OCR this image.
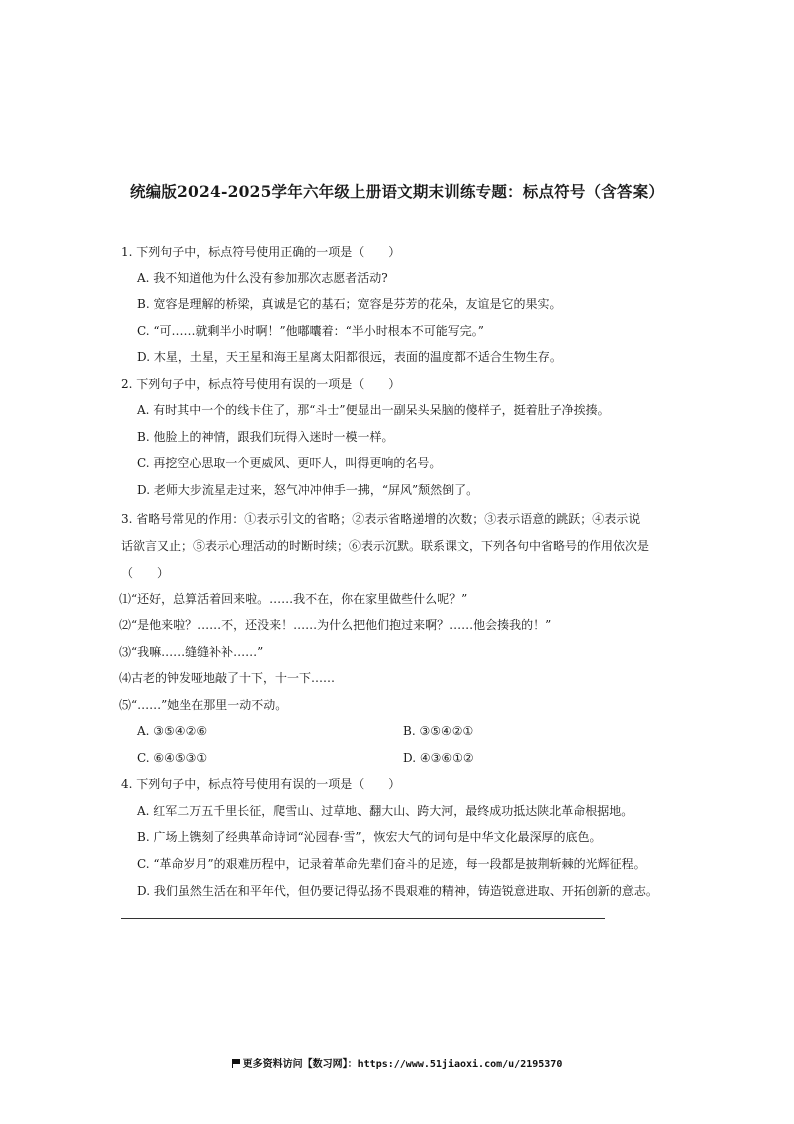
统编版2024-2025学年六年级上册语文期末训练专题：标点符号（含答案）
1. 下列句子中，标点符号使用正确的一项是（　　）
A. 我不知道他为什么没有参加那次志愿者活动?
B. 宽容是理解的桥梁，真诚是它的基石；宽容是芬芳的花朵，友谊是它的果实。
C. “可……就剩半小时啊！”他嘟囔着：“半小时根本不可能写完。”
D. 木星，土星，天王星和海王星离太阳都很远，表面的温度都不适合生物生存。
2. 下列句子中，标点符号使用有误的一项是（　　）
A. 有时其中一个的线卡住了，那“斗士”便显出一副呆头呆脑的傻样子，挺着肚子净挨揍。
B. 他脸上的神情，跟我们玩得入迷时一模一样。
C. 再挖空心思取一个更威风、更吓人，叫得更响的名号。
D. 老师大步流星走过来，怒气冲冲伸手一拂，“屏风”颓然倒了。
3. 省略号常见的作用：①表示引文的省略；②表示省略递增的次数；③表示语意的跳跃；④表示说
话欲言又止；⑤表示心理活动的时断时续；⑥表示沉默。联系课文，下列各句中省略号的作用依次是
（　　）
⑴“还好，总算活着回来啦。……我不在，你在家里做些什么呢？”
⑵“是他来啦？……不，还没来！……为什么把他们抱过来啊？……他会揍我的！”
⑶“我嘛……缝缝补补……”
⑷古老的钟发哑地敲了十下，十一下……
⑸“……”她坐在那里一动不动。
A. ③⑤④②⑥	B. ③⑤④②①
C. ⑥④⑤③①	D. ④③⑥①②
4. 下列句子中，标点符号使用有误的一项是（　　）
A. 红军二万五千里长征，爬雪山、过草地、翻大山、跨大河，最终成功抵达陕北革命根据地。
B. 广场上镌刻了经典革命诗词“沁园春·雪”，恢宏大气的词句是中华文化最深厚的底色。
C. “革命岁月”的艰难历程中，记录着革命先辈们奋斗的足迹，每一段都是披荆斩棘的光辉征程。
D. 我们虽然生活在和平年代，但仍要记得弘扬不畏艰难的精神，铸造锐意进取、开拓创新的意志。
更多资料访问【数习网】：https://www.51jiaoxi.com/u/2195370
